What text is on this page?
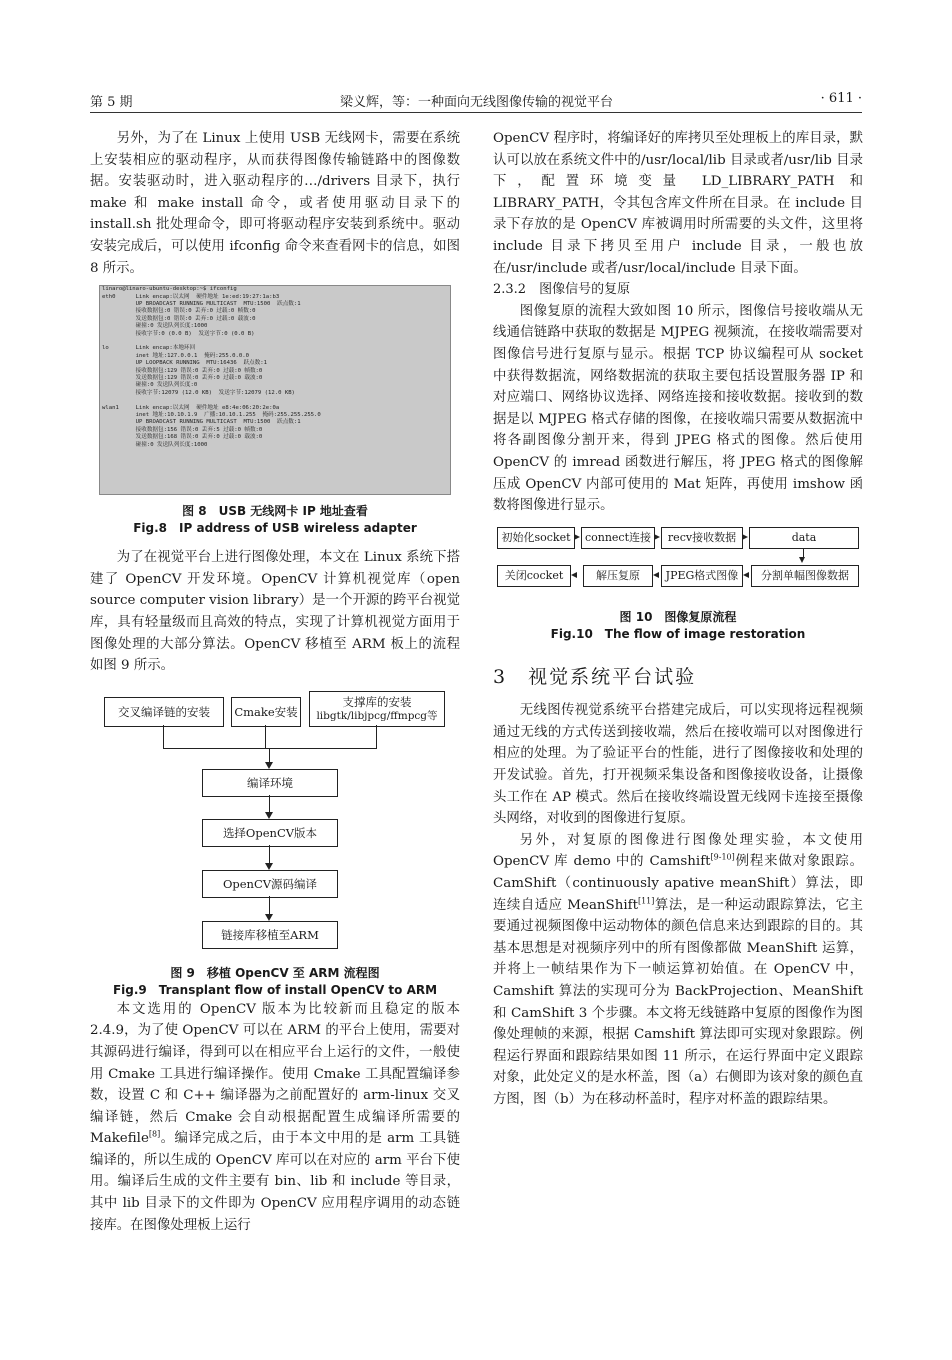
第 5 期	梁义辉，等：一种面向无线图像传输的视觉平台	· 611 ·

另外，为了在 Linux 上使用 USB 无线网卡，需要在系统上安装相应的驱动程序，从而获得图像传输链路中的图像数据。安装驱动时，进入驱动程序的…/drivers 目录下，执行 make 和 make install 命令，或者使用驱动目录下的 install.sh 批处理命令，即可将驱动程序安装到系统中。驱动安装完成后，可以使用 ifconfig 命令来查看网卡的信息，如图 8 所示。

linaro@linaro-ubuntu-desktop:~$ ifconfig
eth0      Link encap:以太网  硬件地址 1e:ed:19:27:1a:b3
UP BROADCAST RUNNING MULTICAST  MTU:1500  跃点数:1
接收数据包:0 错误:0 丢弃:0 过载:0 帧数:0
发送数据包:0 错误:0 丢弃:0 过载:0 载波:0
碰撞:0 发送队列长度:1000
接收字节:0 (0.0 B)  发送字节:0 (0.0 B)
lo        Link encap:本地环回
inet 地址:127.0.0.1  掩码:255.0.0.0
UP LOOPBACK RUNNING  MTU:16436  跃点数:1
接收数据包:129 错误:0 丢弃:0 过载:0 帧数:0
发送数据包:129 错误:0 丢弃:0 过载:0 载波:0
碰撞:0 发送队列长度:0
接收字节:12079 (12.0 KB)  发送字节:12079 (12.0 KB)
wlan1     Link encap:以太网  硬件地址 e8:4e:06:20:2e:0a
inet 地址:10.10.1.9  广播:10.10.1.255  掩码:255.255.255.0
UP BROADCAST RUNNING MULTICAST  MTU:1500  跃点数:1
接收数据包:156 错误:0 丢弃:5 过载:0 帧数:0
发送数据包:168 错误:0 丢弃:0 过载:0 载波:0
碰撞:0 发送队列长度:1000

图 8　USB 无线网卡 IP 地址查看

Fig.8　IP address of USB wireless adapter

为了在视觉平台上进行图像处理，本文在 Linux 系统下搭建了 OpenCV 开发环境。OpenCV 计算机视觉库（open source computer vision library）是一个开源的跨平台视觉库，具有轻量级而且高效的特点，实现了计算机视觉方面用于图像处理的大部分算法。OpenCV 移植至 ARM 板上的流程如图 9 所示。

交叉编译链的安装	Cmake安装
支撑库的安装
libgtk/libjpcg/ffmpcg等
编译环境
选择OpenCV版本
OpenCV源码编译
链接库移植至ARM

图 9　移植 OpenCV 至 ARM 流程图

Fig.9　Transplant flow of install OpenCV to ARM

本文选用的 OpenCV 版本为比较新而且稳定的版本 2.4.9，为了使 OpenCV 可以在 ARM 的平台上使用，需要对其源码进行编译，得到可以在相应平台上运行的文件，一般使用 Cmake 工具进行编译操作。使用 Cmake 工具配置编译参数，设置 C 和 C++ 编译器为之前配置好的 arm-linux 交叉编译链，然后 Cmake 会自动根据配置生成编译所需要的 Makefile[8]。编译完成之后，由于本文中用的是 arm 工具链编译的，所以生成的 OpenCV 库可以在对应的 arm 平台下使用。编译后生成的文件主要有 bin、lib 和 include 等目录，其中 lib 目录下的文件即为 OpenCV 应用程序调用的动态链接库。在图像处理板上运行

OpenCV 程序时，将编译好的库拷贝至处理板上的库目录，默认可以放在系统文件中的/usr/local/lib 目录或者/usr/lib 目录下，配置环境变量 LD_LIBRARY_PATH 和 LIBRARY_PATH，令其包含库文件所在目录。在 include 目录下存放的是 OpenCV 库被调用时所需要的头文件，这里将 include 目录下拷贝至用户 include 目录，一般也放在/usr/include 或者/usr/local/include 目录下面。

2.3.2　图像信号的复原

图像复原的流程大致如图 10 所示，图像信号接收端从无线通信链路中获取的数据是 MJPEG 视频流，在接收端需要对图像信号进行复原与显示。根据 TCP 协议编程可从 socket 中获得数据流，网络数据流的获取主要包括设置服务器 IP 和对应端口、网络协议选择、网络连接和接收数据。接收到的数据是以 MJPEG 格式存储的图像，在接收端只需要从数据流中将各副图像分割开来，得到 JPEG 格式的图像。然后使用 OpenCV 的 imread 函数进行解压，将 JPEG 格式的图像解压成 OpenCV 内部可使用的 Mat 矩阵，再使用 imshow 函数将图像进行显示。

初始化socket	connect连接	recv接收数据	data
关闭cocket	解压复原	JPEG格式图像	分割单幅图像数据

图 10　图像复原流程

Fig.10　The flow of image restoration

3　视觉系统平台试验

无线图传视觉系统平台搭建完成后，可以实现将远程视频通过无线的方式传送到接收端，然后在接收端可以对图像进行相应的处理。为了验证平台的性能，进行了图像接收和处理的开发试验。首先，打开视频采集设备和图像接收设备，让摄像头工作在 AP 模式。然后在接收终端设置无线网卡连接至摄像头网络，对收到的图像进行复原。

另外，对复原的图像进行图像处理实验，本文使用 OpenCV 库 demo 中的 Camshift[9-10]例程来做对象跟踪。CamShift（continuously apative meanShift）算法，即连续自适应 MeanShift[11]算法，是一种运动跟踪算法，它主要通过视频图像中运动物体的颜色信息来达到跟踪的目的。其基本思想是对视频序列中的所有图像都做 MeanShift 运算，并将上一帧结果作为下一帧运算初始值。在 OpenCV 中，Camshift 算法的实现可分为 BackProjection、MeanShift 和 CamShift 3 个步骤。本文将无线链路中复原的图像作为图像处理帧的来源，根据 Camshift 算法即可实现对象跟踪。例程运行界面和跟踪结果如图 11 所示，在运行界面中定义跟踪对象，此处定义的是水杯盖，图（a）右侧即为该对象的颜色直方图，图（b）为在移动杯盖时，程序对杯盖的跟踪结果。
